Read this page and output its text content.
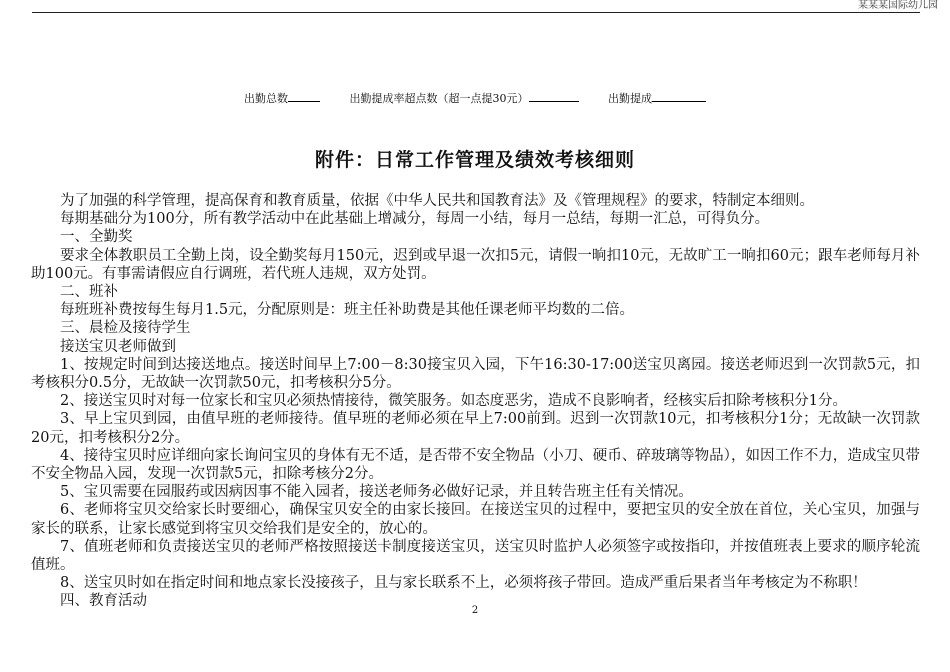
某某某国际幼儿园
出勤总数	出勤提成率超点数（超一点提30元）	出勤提成
附件：日常工作管理及绩效考核细则

为了加强的科学管理，提高保育和教育质量，依据《中华人民共和国教育法》及《管理规程》的要求，特制定本细则。

每期基础分为100分，所有教学活动中在此基础上增减分，每周一小结，每月一总结，每期一汇总，可得负分。

一、全勤奖

要求全体教职员工全勤上岗，设全勤奖每月150元，迟到或早退一次扣5元，请假一晌扣10元，无故旷工一晌扣60元；跟车老师每月补助100元。有事需请假应自行调班，若代班人违规，双方处罚。

二、班补

每班班补费按每生每月1.5元，分配原则是：班主任补助费是其他任课老师平均数的二倍。

三、晨检及接待学生

接送宝贝老师做到

1、按规定时间到达接送地点。接送时间早上7:00－8:30接宝贝入园，下午16:30-17:00送宝贝离园。接送老师迟到一次罚款5元，扣考核积分0.5分，无故缺一次罚款50元，扣考核积分5分。

2、接送宝贝时对每一位家长和宝贝必须热情接待，微笑服务。如态度恶劣，造成不良影响者，经核实后扣除考核积分1分。

3、早上宝贝到园，由值早班的老师接待。值早班的老师必须在早上7:00前到。迟到一次罚款10元，扣考核积分1分；无故缺一次罚款20元，扣考核积分2分。

4、接待宝贝时应详细向家长询问宝贝的身体有无不适，是否带不安全物品（小刀、硬币、碎玻璃等物品），如因工作不力，造成宝贝带不安全物品入园，发现一次罚款5元，扣除考核分2分。

5、宝贝需要在园服药或因病因事不能入园者，接送老师务必做好记录，并且转告班主任有关情况。

6、老师将宝贝交给家长时要细心，确保宝贝安全的由家长接回。在接送宝贝的过程中，要把宝贝的安全放在首位，关心宝贝，加强与家长的联系，让家长感觉到将宝贝交给我们是安全的，放心的。

7、值班老师和负责接送宝贝的老师严格按照接送卡制度接送宝贝，送宝贝时监护人必须签字或按指印，并按值班表上要求的顺序轮流值班。

8、送宝贝时如在指定时间和地点家长没接孩子，且与家长联系不上，必须将孩子带回。造成严重后果者当年考核定为不称职！

四、教育活动

2
